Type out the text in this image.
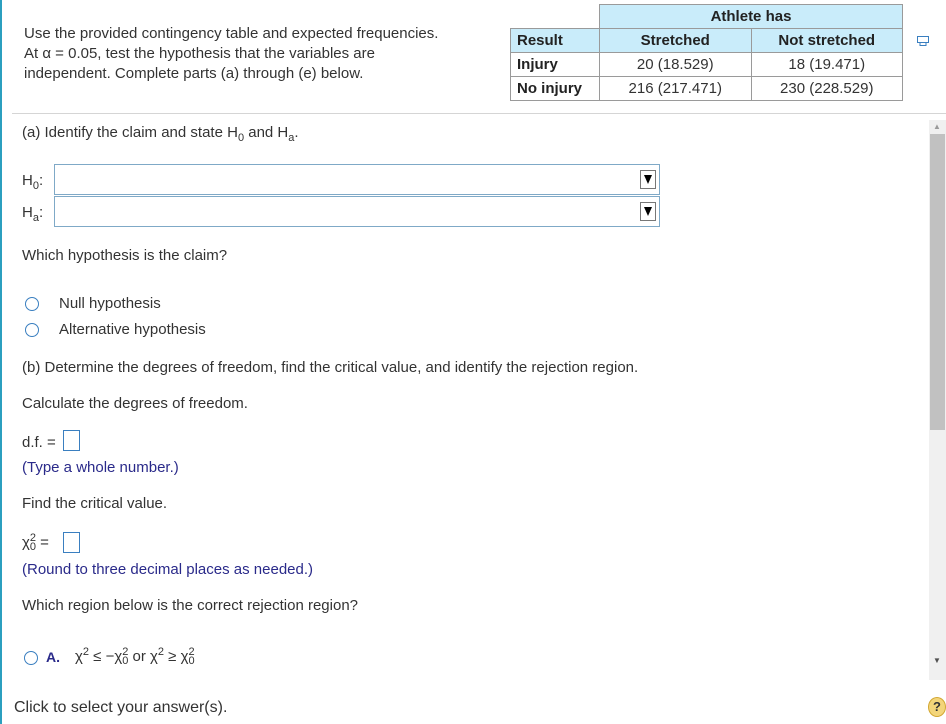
Use the provided contingency table and expected frequencies.
At α = 0.05, test the hypothesis that the variables are
independent. Complete parts (a) through (e) below.
	Athlete has	
Result	Stretched	Not stretched
Injury	20 (18.529)	18 (19.471)
No injury	216 (217.471)	230 (228.529)
▲
▼
(a) Identify the claim and state $H_0$ and $H_a$.
$H_0$:
$H_a$:
Which hypothesis is the claim?
Null hypothesis
Alternative hypothesis
(b) Determine the degrees of freedom, find the critical value, and identify the rejection region.
Calculate the degrees of freedom.
d.f. =
(Type a whole number.)
Find the critical value.
χ 2
0 =
(Round to three decimal places as needed.)
Which region below is the correct rejection region?
A. $\chi^2 \le -\chi$ 2
0 or $\chi^2 \ge \chi$ 2
0
Click to select your answer(s).	?
